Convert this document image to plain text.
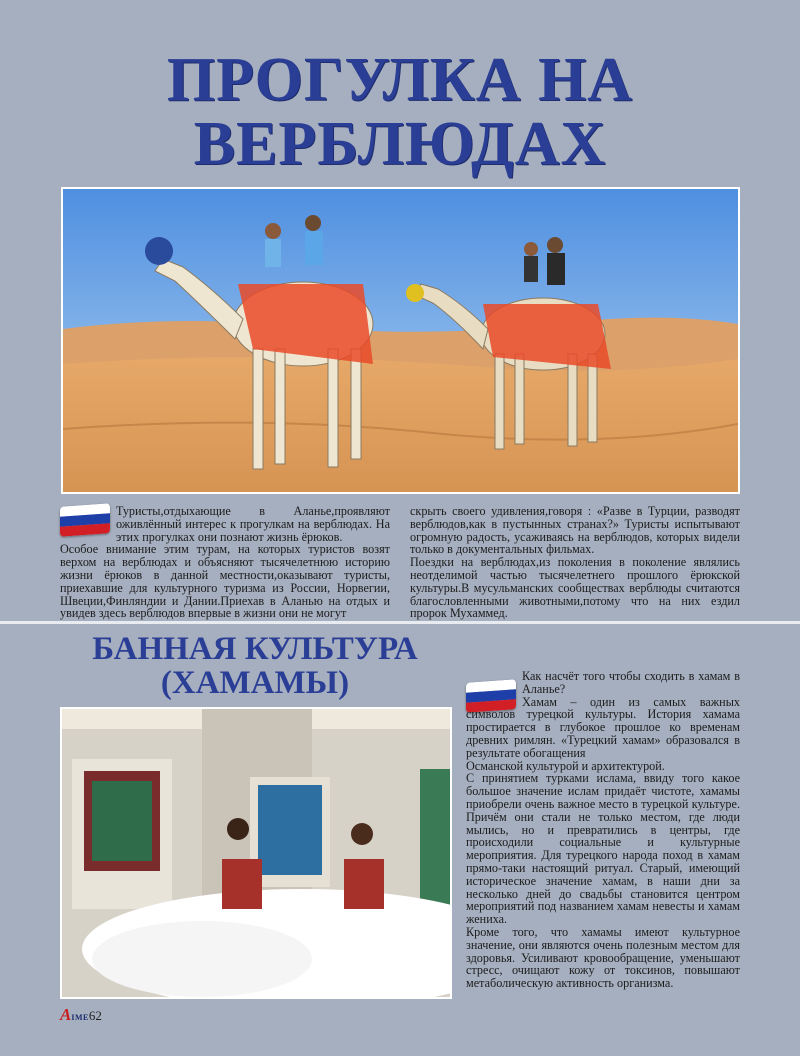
ПРОГУЛКА НА
ВЕРБЛЮДАХ

Туристы,отдыхающие в Аланье,проявляют оживлённый интерес к прогулкам на верблюдах. На этих прогулках они познают жизнь ёрюков.

Особое внимание этим турам, на которых туристов возят верхом на верблюдах и объясняют тысячелетнюю историю жизни ёрюков в данной местности,оказывают туристы, приехавшие для культурного туризма из России, Норвегии, Швеции,Финляндии и Дании.Приехав в Аланью на отдых и увидев здесь верблюдов впервые в жизни они не могут

скрыть своего удивления,говоря : «Разве в Турции, разводят верблюдов,как в пустынных странах?» Туристы испытывают огромную радость, усаживаясь на верблюдов, которых видели только в документальных фильмах.

Поездки на верблюдах,из поколения в поколение являлись неотделимой частью тысячелетнего прошлого ёрюкской культуры.В мусульманских сообществах верблюды считаются благословленными животными,потому что на них ездил пророк Мухаммед.

БАННАЯ КУЛЬТУРА
(ХАМАМЫ)	Как насчёт того чтобы сходить в хамам в Аланье?

Хамам – один из самых важных символов турецкой культуры. История хамама простирается в глубокое прошлое ко временам древних римлян. «Турецкий хамам» образовался в результате обогащения

Османской культурой и архитектурой.

С принятием турками ислама, ввиду того какое большое значение ислам придаёт чистоте, хамамы приобрели очень важное место в турецкой культуре. Причём они стали не только местом, где люди мылись, но и превратились в центры, где происходили социальные и культурные мероприятия. Для турецкого народа поход в хамам прямо-таки настоящий ритуал. Старый, имеющий историческое значение хамам, в наши дни за несколько дней до свадьбы становится центром мероприятий под названием хамам невесты и хамам жениха.

Кроме того, что хамамы имеют культурное значение, они являются очень полезным местом для здоровья. Усиливают кровообращение, уменьшают стресс, очищают кожу от токсинов, повышают метаболическую активность организма.

AIME62
